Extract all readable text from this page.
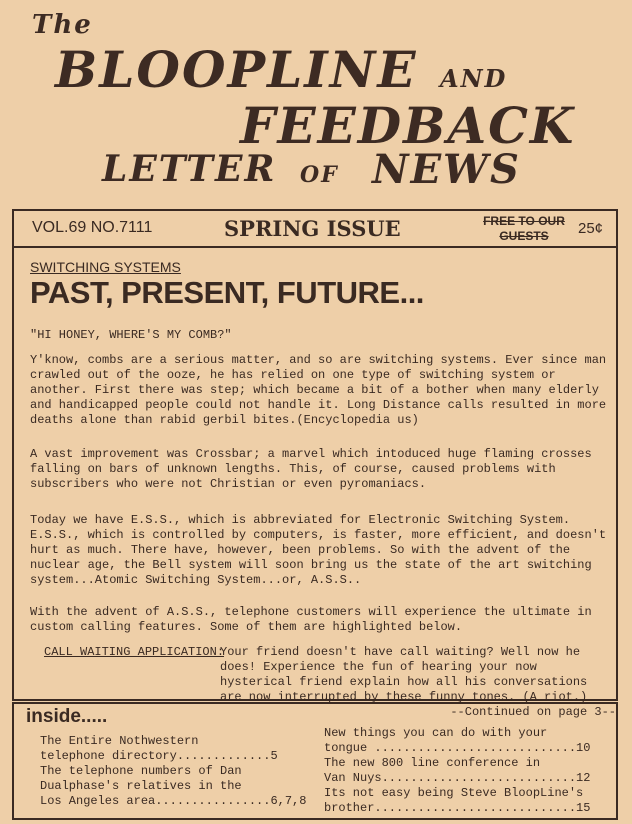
The

BLOOPLINE AND

FEEDBACK

LETTER OF NEWS

VOL.69 NO.7111	SPRING ISSUE	FREE TO OUR GUESTS	25¢
SWITCHING SYSTEMS
PAST, PRESENT, FUTURE...

"HI HONEY, WHERE'S MY COMB?"

Y'know, combs are a serious matter, and so are switching systems. Ever since man crawled out of the ooze, he has relied on one type of switching system or another. First there was step; which became a bit of a bother when many elderly and handicapped people could not handle it. Long Distance calls resulted in more deaths alone than rabid gerbil bites.(Encyclopedia us)

A vast improvement was Crossbar; a marvel which intoduced huge flaming crosses falling on bars of unknown lengths. This, of course, caused problems with subscribers who were not Christian or even pyromaniacs.

Today we have E.S.S., which is abbreviated for Electronic Switching System. E.S.S., which is controlled by computers, is faster, more efficient, and doesn't hurt as much. There have, however, been problems. So with the advent of the nuclear age, the Bell system will soon bring us the state of the art switching system...Atomic Switching System...or, A.S.S..

With the advent of A.S.S., telephone customers will experience the ultimate in custom calling features. Some of them are highlighted below.

CALL WAITING APPLICATION:

Your friend doesn't have call waiting? Well now he does! Experience the fun of hearing your now hysterical friend explain how all his conversations are now interrupted by these funny tones. (A riot.)
--Continued on page 3--

inside.....

The Entire Nothwestern
telephone directory.............5

The telephone numbers of Dan
Dualphase's relatives in the
Los Angeles area................6,7,8

New things you can do with your
tongue ............................10

The new 800 line conference in
Van Nuys...........................12

Its not easy being Steve BloopLine's
brother............................15
